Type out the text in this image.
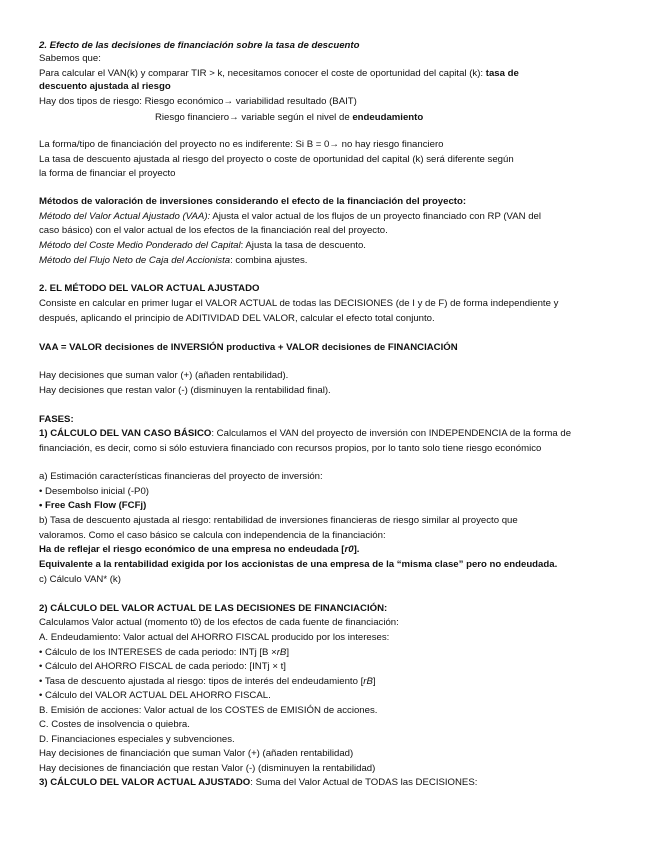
2. Efecto de las decisiones de financiación sobre la tasa de descuento
Sabemos que:
Para calcular el VAN(k) y comparar TIR > k, necesitamos conocer el coste de oportunidad del capital (k): tasa de
descuento ajustada al riesgo
Hay dos tipos de riesgo: Riesgo económico→ variabilidad resultado (BAIT)
Riesgo financiero→ variable según el nivel de endeudamiento
La forma/tipo de financiación del proyecto no es indiferente: Si B = 0→ no hay riesgo financiero
La tasa de descuento ajustada al riesgo del proyecto o coste de oportunidad del capital (k) será diferente según
la forma de financiar el proyecto
Métodos de valoración de inversiones considerando el efecto de la financiación del proyecto:
Método del Valor Actual Ajustado (VAA): Ajusta el valor actual de los flujos de un proyecto financiado con RP (VAN del
caso básico) con el valor actual de los efectos de la financiación real del proyecto.
Método del Coste Medio Ponderado del Capital: Ajusta la tasa de descuento.
Método del Flujo Neto de Caja del Accionista: combina ajustes.
2. EL MÉTODO DEL VALOR ACTUAL AJUSTADO
Consiste en calcular en primer lugar el VALOR ACTUAL de todas las DECISIONES (de I y de F) de forma independiente y
después, aplicando el principio de ADITIVIDAD DEL VALOR, calcular el efecto total conjunto.
VAA = VALOR decisiones de INVERSIÓN productiva + VALOR decisiones de FINANCIACIÓN
Hay decisiones que suman valor (+) (añaden rentabilidad).
Hay decisiones que restan valor (-) (disminuyen la rentabilidad final).
FASES:
1) CÁLCULO DEL VAN CASO BÁSICO: Calculamos el VAN del proyecto de inversión con INDEPENDENCIA de la forma de
financiación, es decir, como si sólo estuviera financiado con recursos propios, por lo tanto solo tiene riesgo económico
a) Estimación características financieras del proyecto de inversión:
• Desembolso inicial (-P0)
• Free Cash Flow (FCFj)
b) Tasa de descuento ajustada al riesgo: rentabilidad de inversiones financieras de riesgo similar al proyecto que
valoramos. Como el caso básico se calcula con independencia de la financiación:
Ha de reflejar el riesgo económico de una empresa no endeudada [r0].
Equivalente a la rentabilidad exigida por los accionistas de una empresa de la “misma clase” pero no endeudada.
c) Cálculo VAN* (k)
2) CÁLCULO DEL VALOR ACTUAL DE LAS DECISIONES DE FINANCIACIÓN:
Calculamos Valor actual (momento t0) de los efectos de cada fuente de financiación:
A. Endeudamiento: Valor actual del AHORRO FISCAL producido por los intereses:
• Cálculo de los INTERESES de cada periodo: INTj [B ×rB]
• Cálculo del AHORRO FISCAL de cada periodo: [INTj × t]
• Tasa de descuento ajustada al riesgo: tipos de interés del endeudamiento [rB]
• Cálculo del VALOR ACTUAL DEL AHORRO FISCAL.
B. Emisión de acciones: Valor actual de los COSTES de EMISIÓN de acciones.
C. Costes de insolvencia o quiebra.
D. Financiaciones especiales y subvenciones.
Hay decisiones de financiación que suman Valor (+) (añaden rentabilidad)
Hay decisiones de financiación que restan Valor (-) (disminuyen la rentabilidad)
3) CÁLCULO DEL VALOR ACTUAL AJUSTADO: Suma del Valor Actual de TODAS las DECISIONES:
